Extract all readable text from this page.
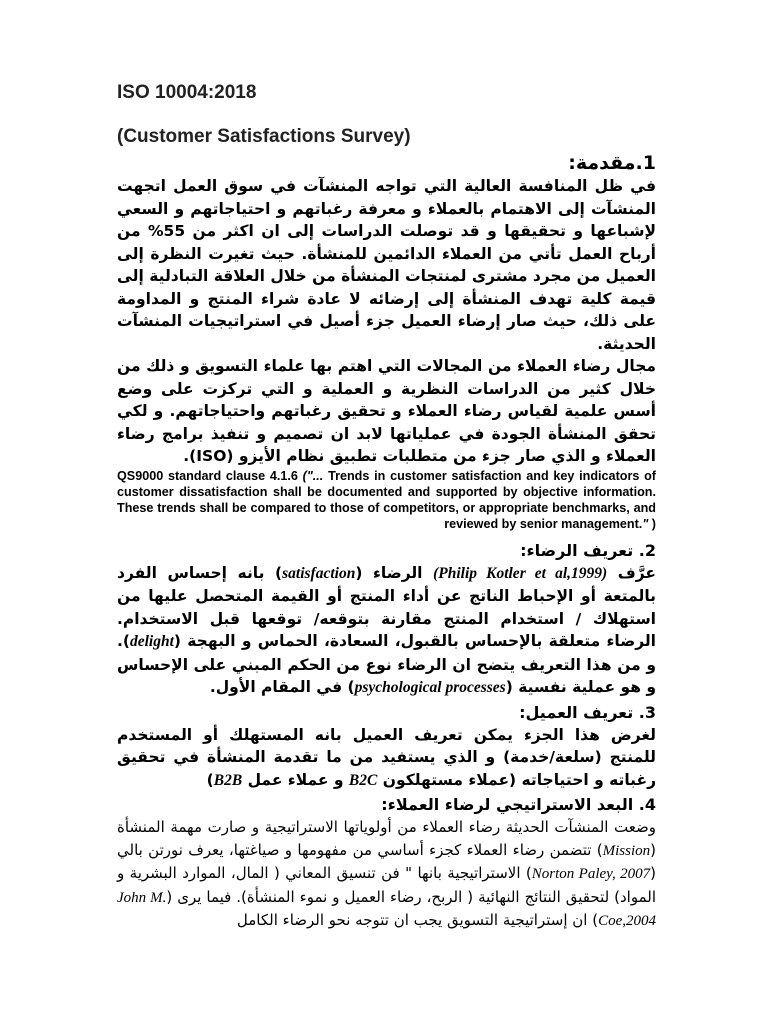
ISO 10004:2018
(Customer Satisfactions Survey)
1.مقدمة:

في ظل المنافسة العالية التي تواجه المنشآت في سوق العمل اتجهت المنشآت إلى الاهتمام بالعملاء و معرفة رغباتهم و احتياجاتهم و السعي لإشباعها و تحقيقها و قد توصلت الدراسات إلى ان اكثر من 55% من أرباح العمل تأتي من العملاء الدائمين للمنشأة. حيث تغيرت النظرة إلى العميل من مجرد مشترى لمنتجات المنشأة من خلال العلاقة التبادلية إلى قيمة كلية تهدف المنشأة إلى إرضائه لا عادة شراء المنتج و المداومة على ذلك، حيث صار إرضاء العميل جزء أصيل في استراتيجيات المنشآت الحديثة.

مجال رضاء العملاء من المجالات التي اهتم بها علماء التسويق و ذلك من خلال كثير من الدراسات النظرية و العملية و التي تركزت على وضع أسس علمية لقياس رضاء العملاء و تحقيق رغباتهم واحتياجاتهم. و لكي تحقق المنشأة الجودة في عملياتها لابد ان تصميم و تنفيذ برامج رضاء العملاء و الذي صار جزء من متطلبات تطبيق نظام الأيزو (ISO).

QS9000 standard clause 4.1.6 ("... Trends in customer satisfaction and key indicators of customer dissatisfaction shall be documented and supported by objective information. These trends shall be compared to those of competitors, or appropriate benchmarks, and reviewed by senior management." )

2. تعريف الرضاء:

عرَّف (Philip Kotler et al,1999) الرضاء (satisfaction) بانه إحساس الفرد بالمتعة أو الإحباط الناتج عن أداء المنتج أو القيمة المتحصل عليها من استهلاك / استخدام المنتج مقارنة بتوقعه/ توقعها قبل الاستخدام. الرضاء متعلقة بالإحساس بالقبول، السعادة، الحماس و البهجة (delight). و من هذا التعريف يتضح ان الرضاء نوع من الحكم المبني على الإحساس و هو عملية نفسية (psychological processes) في المقام الأول.

3. تعريف العميل:

لغرض هذا الجزء يمكن تعريف العميل بانه المستهلك أو المستخدم للمنتج (سلعة/خدمة) و الذي يستفيد من ما تقدمة المنشأة في تحقيق رغباته و احتياجاته (عملاء مستهلكون B2C و عملاء عمل B2B)

4. البعد الاستراتيجي لرضاء العملاء:

وضعت المنشآت الحديثة رضاء العملاء من أولوياتها الاستراتيجية و صارت مهمة المنشأة (Mission) تتضمن رضاء العملاء كجزء أساسي من مفهومها و صياغتها، يعرف نورتن بالي (Norton Paley, 2007) الاستراتيجية بانها " فن تنسيق المعاني ( المال، الموارد البشرية و المواد) لتحقيق النتائج النهائية ( الربح، رضاء العميل و نموء المنشأة). فيما يرى (John M. Coe,2004) ان إستراتيجية التسويق يجب ان تتوجه نحو الرضاء الكامل
